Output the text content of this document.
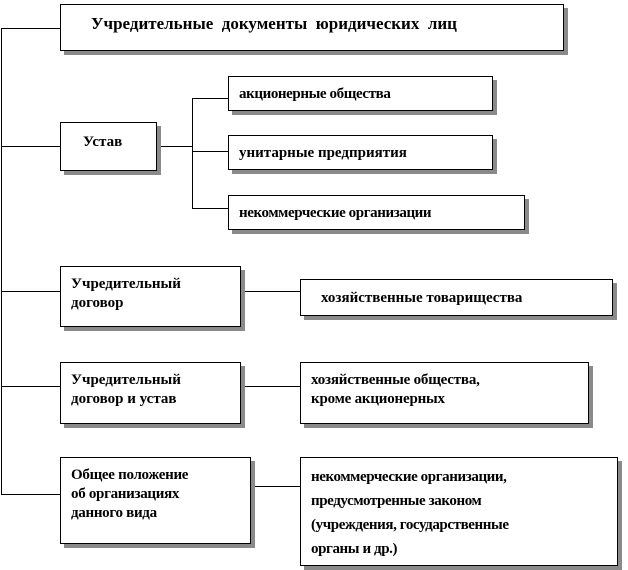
Учредительные  документы  юридических  лиц
Устав
акционерные общества
унитарные предприятия
некоммерческие организации
Учредительный
договор	хозяйственные товарищества
Учредительный
договор и устав
хозяйственные общества,
кроме акционерных
Общее положение
об организациях
данного вида
некоммерческие организации,
предусмотренные законом
(учреждения, государственные
органы и др.)
